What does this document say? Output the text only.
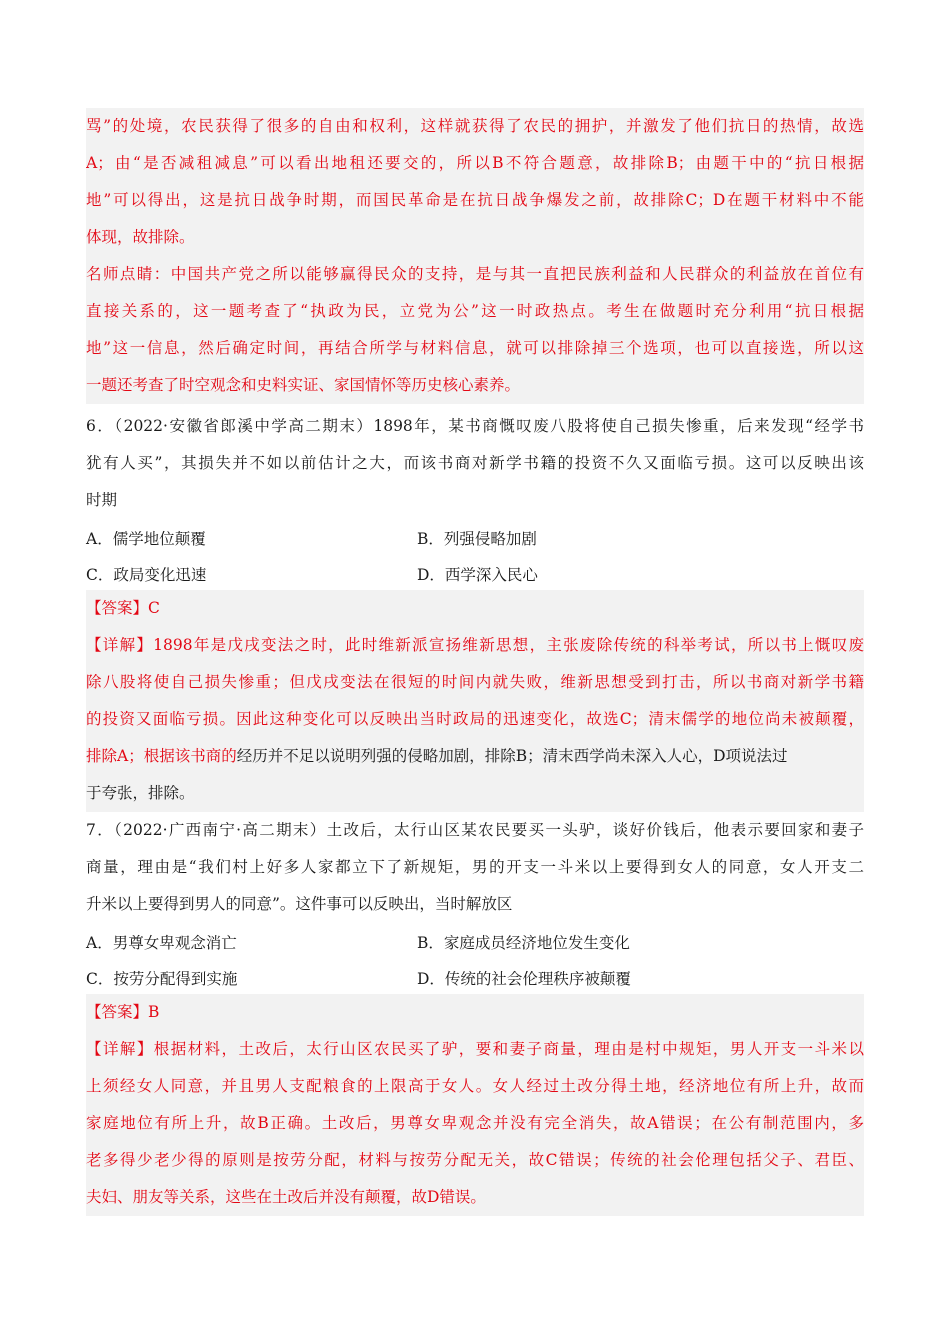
骂”的处境，农民获得了很多的自由和权利，这样就获得了农民的拥护，并激发了他们抗日的热情，故选
A；由“是否减租减息”可以看出地租还要交的，所以B不符合题意，故排除B；由题干中的“抗日根据
地”可以得出，这是抗日战争时期，而国民革命是在抗日战争爆发之前，故排除C；D在题干材料中不能
体现，故排除。
名师点睛：中国共产党之所以能够赢得民众的支持，是与其一直把民族利益和人民群众的利益放在首位有
直接关系的，这一题考查了“执政为民，立党为公”这一时政热点。考生在做题时充分利用“抗日根据
地”这一信息，然后确定时间，再结合所学与材料信息，就可以排除掉三个选项，也可以直接选，所以这
一题还考查了时空观念和史料实证、家国情怀等历史核心素养。
6．（2022·安徽省郎溪中学高二期末）1898年，某书商慨叹废八股将使自己损失惨重，后来发现“经学书
犹有人买”，其损失并不如以前估计之大，而该书商对新学书籍的投资不久又面临亏损。这可以反映出该
时期
A．儒学地位颠覆	B．列强侵略加剧
C．政局变化迅速	D．西学深入民心
【答案】C
【详解】1898年是戊戌变法之时，此时维新派宣扬维新思想，主张废除传统的科举考试，所以书上慨叹废
除八股将使自己损失惨重；但戊戌变法在很短的时间内就失败，维新思想受到打击，所以书商对新学书籍
的投资又面临亏损。因此这种变化可以反映出当时政局的迅速变化，故选C；清末儒学的地位尚未被颠覆，
排除A；根据该书商的经历并不足以说明列强的侵略加剧，排除B；清末西学尚未深入人心，D项说法过
于夸张，排除。
7．（2022·广西南宁·高二期末）土改后，太行山区某农民要买一头驴，谈好价钱后，他表示要回家和妻子
商量，理由是“我们村上好多人家都立下了新规矩，男的开支一斗米以上要得到女人的同意，女人开支二
升米以上要得到男人的同意”。这件事可以反映出，当时解放区
A．男尊女卑观念消亡	B．家庭成员经济地位发生变化
C．按劳分配得到实施	D．传统的社会伦理秩序被颠覆
【答案】B
【详解】根据材料，土改后，太行山区农民买了驴，要和妻子商量，理由是村中规矩，男人开支一斗米以
上须经女人同意，并且男人支配粮食的上限高于女人。女人经过土改分得土地，经济地位有所上升，故而
家庭地位有所上升，故B正确。土改后，男尊女卑观念并没有完全消失，故A错误；在公有制范围内，多
老多得少老少得的原则是按劳分配，材料与按劳分配无关，故C错误；传统的社会伦理包括父子、君臣、
夫妇、朋友等关系，这些在土改后并没有颠覆，故D错误。
